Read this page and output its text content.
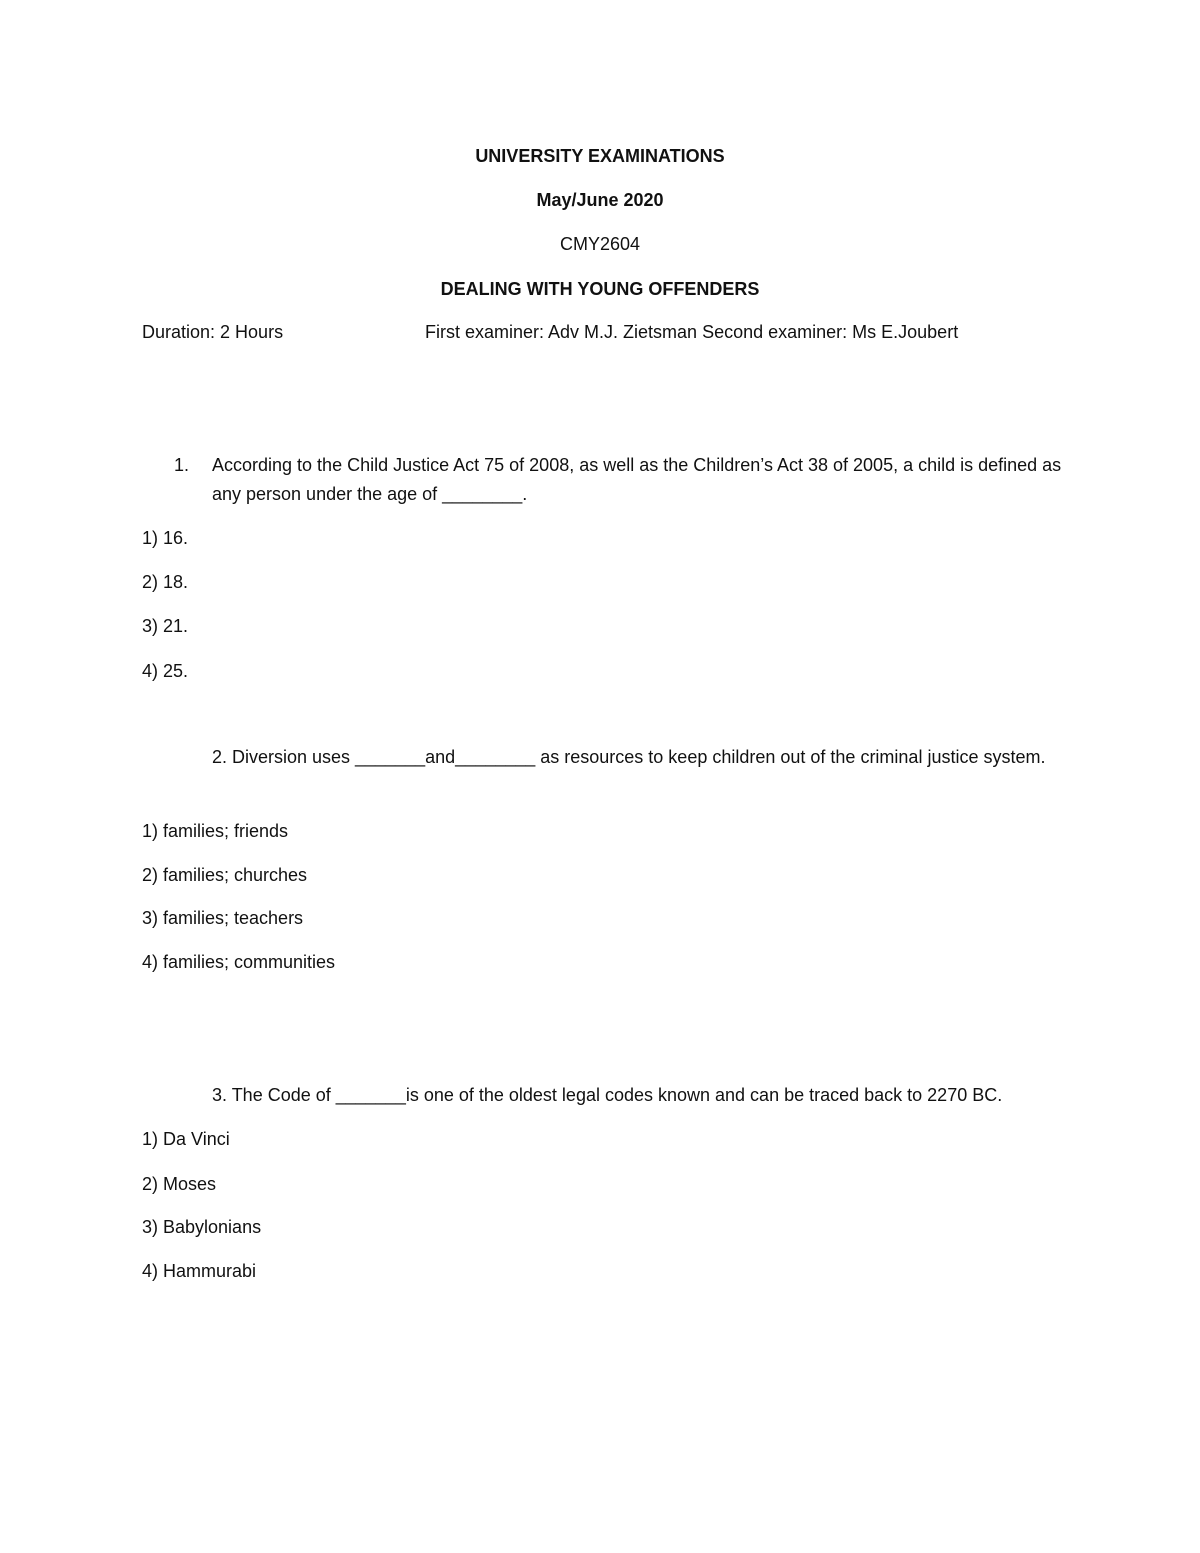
UNIVERSITY EXAMINATIONS
May/June 2020
CMY2604
DEALING WITH YOUNG OFFENDERS
Duration: 2 Hours	First examiner: Adv M.J. Zietsman Second examiner: Ms E.Joubert
1. According to the Child Justice Act 75 of 2008, as well as the Children’s Act 38 of 2005, a child is defined as any person under the age of ________.
1) 16.
2) 18.
3) 21.
4) 25.
2. Diversion uses _______and________ as resources to keep children out of the criminal justice system.
1) families; friends
2) families; churches
3) families; teachers
4) families; communities
3. The Code of _______is one of the oldest legal codes known and can be traced back to 2270 BC.
1) Da Vinci
2) Moses
3) Babylonians
4) Hammurabi
